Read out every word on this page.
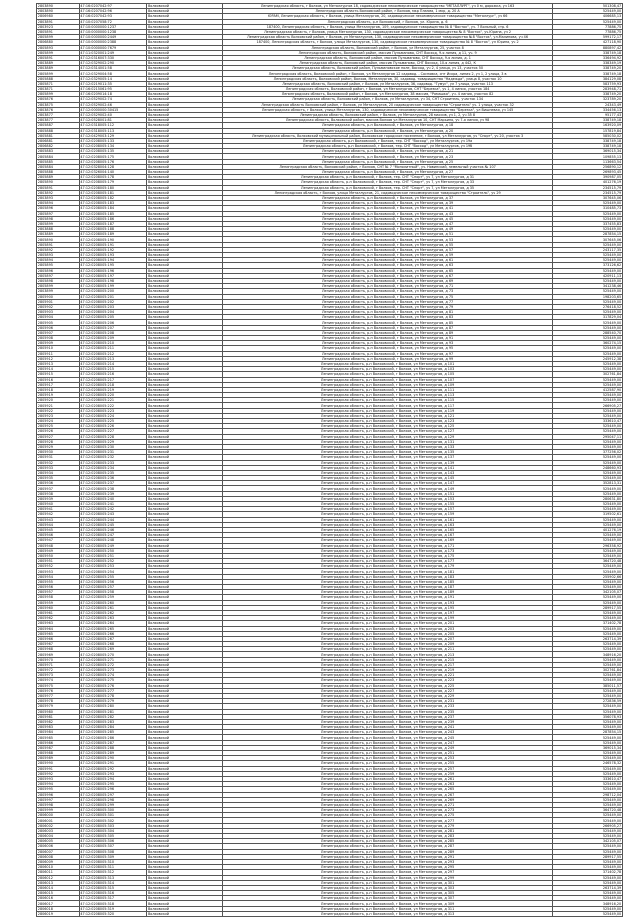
2803890	47:16:0207042:97	Волховский	Ленинградская область, г Волхов, ул Металлургов 18, садоводческое некоммерческое товарищество "МЕТАЛЛУРГ", уч 0 м, дорожка, уч 163	501308,47
2803890	47:16:0207042:96	Волховский	Ленинградская область Волховский район, г Волхов, мкр Плазма, 1 мкр, д. 20 А	525449,00
2806980	47:16:0207042:93	Волховский	ЮРАМ, Ленинградская область, г Волхов, улица Металлургов, 20, садоводческое некоммерческое товарищество "Металлург", уч 66	406685,13
2803891	47:10:0207058:72	Волховский	Ленинградская область, р-н Волховский, г Волхов, ул. Юрина, д. 6	525449,00
2803923	47:10:0000000:1237	Волховский	187400, Ленинградская область, г Волхов, улица Металлургов, 109, садоводческое товарищество № 8 "Восток", уч. 7 Вольный, стр. 6	77886,75
2805891	47:10:0000000:1238	Волховский	Ленинградская область, г Волхов, улица Металлургов, 130, садоводческое некоммерческое товарищество № 8 "Восток", уч.Юрина, уч 2	77886,75
2805899	47:10:0000000:2449	Волховский	Ленинградская область Волховский район, г Волхов, ул Металлургов, 130, садоводческое некоммерческое товарищество №8 "Восток", ул.Малинова, уч 46	599172,17
2806880	47:10:0000000:2388	Волховский	187400, Ленинградская область, г Волхов, улица Металлургов, 130, садоводческое некоммерческое товарищество № 8 "Восток", ул Юрина, уч 2	427118,90
2805893	47:10:0000000:7679	Волховский	Ленинградская область, Волховский район, г Волхов, ул Металлургов, 25, участок 8	880897,42
2805899	47:11:0320001:249	Волховский	Ленинградская область, Волховский район, массив Пульманово, СНТ Восход, 9-я линия, д 11, уч. 9	338749,18
2805891	47:12:0316007:330	Волховский	Ленинградская область, Волховский район, массив Пульманово, СНТ Восход, 9-я линия, д. 1	336494,92
2803889	47:12:0329002:290	Волховский	Ленинградская область, Волховский район, массив Пульманово, СНТ Восход, 10-я линия, д 442, К	338349,19
2803889	47:12:0314001:58	Волховский	Ленинградская область, Волховский район, Пульмановское поле, Восход, уч 2, 4 улица, уч 13, участок 50	338749,20
2805899	47:12:0329004:58	Волховский	Ленинградская область, Волховский район, г Волхов, ул Металлургов 12 садовод. - Сосновка, снт Искра, линия 2, уч 1, 2 улица, 3 в	338749,18
2805888	47:12:0329005:14	Волховский	Ленинградская область, Волховский район, Волхов, Металлургов, 30, садовод. товарищество "Надежда", улица 8, участок 10	384129,08
2805871	47:12:0219011:35	Волховский	Ленинградская область, Волховский район, г Волхов, ул Металлургов, 36, садовод. "Гумус", ул 7 улица, участок 113	583759,93
2803871	47:16:0215061:95	Волховский	Ленинградская область, Волховский район, г Волхов, ул Металлургов, СНТ "Березка", уч 1, 4 линия, участок 184	283948,71
2805899	47:16:0209014:18	Волховский	Ленинградская область, Волховский район, г Волхов, ул Металлургов, 38 массив, "Ромашка", уч. 4 линия, участок 82	338749,20
2805876	47:12:0529002:74	Волховский	Ленинградская область, Волховский район, г Волхов, ул Металлургов, уч 34, СНТ Строитель, участок 134	323789,20
2803875	47:12:0529002:46	Волховский	Ленинградская область Волховский район, г Волхов, ул Металлургов, 20 садоводческое товарищество "Строитель" уч. 1 улица, участок 32	24343,49
2803876	47:12:0000000:30415	Волховский	Ленинградская область, г Волхов, улица Металлургов, 130, садоводческое некоммерческое товарищество "Березка", ул Вишневая, уч 145	334456,13
2803877	47:12:0529002:40	Волховский	Ленинградская область, Волховский район, г Волхов, ул Металлургов, 28 массив, уч 1, 2, уч 35 8	95177,43
2803877	47:12:0528001:81	Волховский	Ленинградская область, Волховский район, массив Волхов ул Металлургов 10, СНТ Марьино, уч 7-я линия, уч 98	338749,18
2805887	47:12:0318005:112	Волховский	Ленинградская область, р-н Волховский, г Волхов, ул Металлургов, д 18	163920,09
2805888	47:12:0318005:113	Волховский	Ленинградская область, р-н Волховский, г Волхов, ул Металлургов, д 20	157819,84
2805881	47:12:0429003:129	Волховский	Ленинградская область, Волховский муниципальный район, Волховское городское поселение, г Волхов, ул Металлургов, уч "Спорт", уч 20, участок 3	585030,02
2806881	47:12:0208005:133	Волховский	Ленинградская область, р-н Волховский, г Волхов, тер. СНТ "Восход", ул Металлургов, уч 19а	338749,18
2806882	47:12:0208005:134	Волховский	Ленинградская область, р-н Волховский, г Волхов, тер. СНТ "Восход", ул Металлургов, уч 19б	338749,18
2805883	47:12:0208005:135	Волховский	Ленинградская область, р-н Волховский, г Волхов, ул Металлургов, д 21	369015,34
2805884	47:12:0208005:175	Волховский	Ленинградская область, р-н Волховский, г Волхов, ул Металлургов, д 23	109855,13
2805885	47:12:0208005:176	Волховский	Ленинградская область, р-н Волховский, г Волхов, ул Металлургов, д 25	113663,54
2805884	47:12:0328004:128	Волховский	Ленинградская область, Волховский район, г Волхов, СНТ № 7 "Монолитный", уч. Новинский, земельный участок № 107	256890,12
2805888	47:12:0326004:140	Волховский	Ленинградская область, р-н Волховский, г Волхов, ул Металлургов, д 27	269893,45
2805889	47:12:0208005:178	Волховский	Ленинградская область, р-н Волховский, г Волхов, тер. СНТ "Спорт", уч 7, ул Металлургов, д 31	390987,05
2805890	47:12:0208005:179	Волховский	Ленинградская область, р-н Волховский, г Волхов, тер. СНТ "Спорт", уч 7, ул Металлургов, д 33	401276,19
2805891	47:12:0208005:180	Волховский	Ленинградская область, р-н Волховский, г Волхов, тер. СНТ "Спорт", уч 7, ул Металлургов, д 35	234515,79
2803892	47:12:0208005:181	Волховский	Ленинградская область, г Волхов, улица Металлургов, 21, садоводческое некоммерческое товарищество "Строитель", уч 29	234515,79
2803893	47:12:0208005:182	Волховский	Ленинградская область, р-н Волховский, г Волхов, ул Металлургов, д 37	307645,06
2805894	47:12:0208005:183	Волховский	Ленинградская область, р-н Волховский, г Волхов, ул Металлургов, д 39	525449,00
2805896	47:12:0208005:184	Волховский	Ленинградская область, р-н Волховский, г Волхов, ул Металлургов, д 41	310485,73
2805897	47:12:0208005:185	Волховский	Ленинградская область, р-н Волховский, г Волхов, ул Металлургов, д 43	525449,00
2805898	47:12:0208005:186	Волховский	Ленинградская область, р-н Волховский, г Волхов, ул Металлургов, д 45	525449,00
2805899	47:12:0208005:187	Волховский	Ленинградская область, р-н Волховский, г Волхов, ул Металлургов, д 47	337455,83
2803888	47:12:0208005:188	Волховский	Ленинградская область, р-н Волховский, г Волхов, ул Металлургов, д 49	525449,00
2803889	47:12:0208005:189	Волховский	Ленинградская область, р-н Волховский, г Волхов, ул Металлургов, д 51	287854,15
2805890	47:12:0208005:190	Волховский	Ленинградская область, р-н Волховский, г Волхов, ул Металлургов, д 53	307645,06
2805891	47:12:0208005:191	Волховский	Ленинградская область, р-н Волховский, г Волхов, ул Металлургов, д 55	525449,00
2805892	47:12:0208005:192	Волховский	Ленинградская область, р-н Волховский, г Волхов, ул Металлургов, д 57	243117,35
2805893	47:12:0208005:193	Волховский	Ленинградская область, р-н Волховский, г Волхов, ул Металлургов, д 59	525449,00
2805894	47:12:0208005:194	Волховский	Ленинградская область, р-н Волховский, г Волхов, ул Металлургов, д 61	525449,00
2805895	47:12:0208005:195	Волховский	Ленинградская область, р-н Волховский, г Волхов, ул Металлургов, д 63	373126,62
2805896	47:12:0208005:196	Волховский	Ленинградская область, р-н Волховский, г Волхов, ул Металлургов, д 65	525449,00
2805897	47:12:0208005:197	Волховский	Ленинградская область, р-н Волховский, г Волхов, ул Металлургов, д 67	420911,13
2805898	47:12:0208005:198	Волховский	Ленинградская область, р-н Волховский, г Волхов, ул Металлургов, д 69	525449,00
2805899	47:12:0208005:199	Волховский	Ленинградская область, р-н Волховский, г Волхов, ул Металлургов, д 71	341238,46
2803899	47:12:0208005:200	Волховский	Ленинградская область, р-н Волховский, г Волхов, ул Металлургов, д 73	525449,00
2805900	47:12:0208005:201	Волховский	Ленинградская область, р-н Волховский, г Волхов, ул Металлургов, д 75	198203,65
2805901	47:12:0208005:202	Волховский	Ленинградская область, р-н Волховский, г Волхов, ул Металлургов, д 77	525449,00
2805902	47:12:0208005:203	Волховский	Ленинградская область, р-н Волховский, г Волхов, ул Металлургов, д 79	276418,52
2805903	47:12:0208005:204	Волховский	Ленинградская область, р-н Волховский, г Волхов, ул Металлургов, д 81	525449,00
2805904	47:12:0208005:205	Волховский	Ленинградская область, р-н Волховский, г Волхов, ул Металлургов, д 83	317829,04
2805905	47:12:0208005:206	Волховский	Ленинградская область, р-н Волховский, г Волхов, ул Металлургов, д 85	525449,00
2805906	47:12:0208005:207	Волховский	Ленинградская область, р-н Волховский, г Волхов, ул Металлургов, д 87	525449,00
2805907	47:12:0208005:208	Волховский	Ленинградская область, р-н Волховский, г Волхов, ул Металлургов, д 89	288540,70
2805908	47:12:0208005:209	Волховский	Ленинградская область, р-н Волховский, г Волхов, ул Металлургов, д 91	525449,00
2805909	47:12:0208005:210	Волховский	Ленинградская область, р-н Волховский, г Волхов, ул Металлургов, д 93	360274,15
2805910	47:12:0208005:211	Волховский	Ленинградская область, р-н Волховский, г Волхов, ул Металлургов, д 95	525449,00
2805911	47:12:0208005:212	Волховский	Ленинградская область, р-н Волховский, г Волхов, ул Металлургов, д 97	525449,00
2805912	47:12:0208005:213	Волховский	Ленинградская область, р-н Волховский, г Волхов, ул Металлургов, д 99	245912,38
2805913	47:12:0208005:214	Волховский	Ленинградская область, р-н Волховский, г Волхов, ул Металлургов, д 101	525449,00
2805914	47:12:0208005:215	Волховский	Ленинградская область, р-н Волховский, г Волхов, ул Металлургов, д 103	525449,00
2805915	47:12:0208005:216	Волховский	Ленинградская область, р-н Волховский, г Волхов, ул Металлургов, д 105	302761,84
2805916	47:12:0208005:217	Волховский	Ленинградская область, р-н Волховский, г Волхов, ул Металлургов, д 107	525449,00
2805917	47:12:0208005:218	Волховский	Ленинградская область, р-н Волховский, г Волхов, ул Металлургов, д 109	525449,00
2805918	47:12:0208005:219	Волховский	Ленинградская область, р-н Волховский, г Волхов, ул Металлургов, д 111	412587,90
2805919	47:12:0208005:220	Волховский	Ленинградская область, р-н Волховский, г Волхов, ул Металлургов, д 113	525449,00
2805920	47:12:0208005:221	Волховский	Ленинградская область, р-н Волховский, г Волхов, ул Металлургов, д 115	525449,00
2805921	47:12:0208005:222	Волховский	Ленинградская область, р-н Волховский, г Волхов, ул Металлургов, д 117	266905,27
2805922	47:12:0208005:223	Волховский	Ленинградская область, р-н Волховский, г Волхов, ул Металлургов, д 119	525449,00
2805923	47:12:0208005:224	Волховский	Ленинградская область, р-н Волховский, г Волхов, ул Металлургов, д 121	525449,00
2805924	47:12:0208005:225	Волховский	Ленинградская область, р-н Волховский, г Волхов, ул Металлургов, д 123	333610,47
2805925	47:12:0208005:226	Волховский	Ленинградская область, р-н Волховский, г Волхов, ул Металлургов, д 125	525449,00
2805926	47:12:0208005:227	Волховский	Ленинградская область, р-н Волховский, г Волхов, ул Металлургов, д 127	525449,00
2805927	47:12:0208005:228	Волховский	Ленинградская область, р-н Волховский, г Волхов, ул Металлургов, д 129	295047,11
2805928	47:12:0208005:229	Волховский	Ленинградская область, р-н Волховский, г Волхов, ул Металлургов, д 131	525449,00
2805929	47:12:0208005:230	Волховский	Ленинградская область, р-н Волховский, г Волхов, ул Металлургов, д 133	525449,00
2805930	47:12:0208005:231	Волховский	Ленинградская область, р-н Волховский, г Волхов, ул Металлургов, д 135	377256,02
2805931	47:12:0208005:232	Волховский	Ленинградская область, р-н Волховский, г Волхов, ул Металлургов, д 137	525449,00
2805932	47:12:0208005:233	Волховский	Ленинградская область, р-н Волховский, г Волхов, ул Металлургов, д 139	525449,00
2805933	47:12:0208005:234	Волховский	Ленинградская область, р-н Волховский, г Волхов, ул Металлургов, д 141	248660,93
2805934	47:12:0208005:235	Волховский	Ленинградская область, р-н Волховский, г Волхов, ул Металлургов, д 143	525449,00
2805935	47:12:0208005:236	Волховский	Ленинградская область, р-н Волховский, г Волхов, ул Металлургов, д 145	525449,00
2805936	47:12:0208005:237	Волховский	Ленинградская область, р-н Волховский, г Волхов, ул Металлургов, д 147	352813,31
2805937	47:12:0208005:238	Волховский	Ленинградская область, р-н Волховский, г Волхов, ул Металлургов, д 149	525449,00
2805938	47:12:0208005:239	Волховский	Ленинградская область, р-н Волховский, г Волхов, ул Металлургов, д 151	525449,00
2805939	47:12:0208005:240	Волховский	Ленинградская область, р-н Волховский, г Волхов, ул Металлургов, д 153	280631,80
2805940	47:12:0208005:241	Волховский	Ленинградская область, р-н Волховский, г Волхов, ул Металлургов, д 155	525449,00
2805941	47:12:0208005:242	Волховский	Ленинградская область, р-н Волховский, г Волхов, ул Металлургов, д 157	525449,00
2805942	47:12:0208005:243	Волховский	Ленинградская область, р-н Волховский, г Волхов, ул Металлургов, д 159	319502,61
2805943	47:12:0208005:244	Волховский	Ленинградская область, р-н Волховский, г Волхов, ул Металлургов, д 161	525449,00
2805944	47:12:0208005:245	Волховский	Ленинградская область, р-н Волховский, г Волхов, ул Металлургов, д 163	525449,00
2805945	47:12:0208005:246	Волховский	Ленинградская область, р-н Волховский, г Волхов, ул Металлургов, д 165	401276,19
2805946	47:12:0208005:247	Волховский	Ленинградская область, р-н Волховский, г Волхов, ул Металлургов, д 167	525449,00
2805947	47:12:0208005:248	Волховский	Ленинградская область, р-н Волховский, г Волхов, ул Металлургов, д 169	525449,00
2805948	47:12:0208005:249	Волховский	Ленинградская область, р-н Волховский, г Волхов, ул Металлургов, д 171	296358,92
2805949	47:12:0208005:250	Волховский	Ленинградская область, р-н Волховский, г Волхов, ул Металлургов, д 173	525449,00
2805950	47:12:0208005:251	Волховский	Ленинградская область, р-н Волховский, г Волхов, ул Металлургов, д 175	525449,00
2805951	47:12:0208005:252	Волховский	Ленинградская область, р-н Волховский, г Волхов, ул Металлургов, д 177	364720,48
2805952	47:12:0208005:253	Волховский	Ленинградская область, р-н Волховский, г Волхов, ул Металлургов, д 179	525449,00
2805953	47:12:0208005:254	Волховский	Ленинградская область, р-н Волховский, г Волхов, ул Металлургов, д 181	525449,00
2805954	47:12:0208005:255	Волховский	Ленинградская область, р-н Волховский, г Волхов, ул Металлургов, д 183	255902,66
2805955	47:12:0208005:256	Волховский	Ленинградская область, р-н Волховский, г Волхов, ул Металлургов, д 185	525449,00
2805956	47:12:0208005:257	Волховский	Ленинградская область, р-н Волховский, г Волхов, ул Металлургов, д 187	525449,00
2805957	47:12:0208005:258	Волховский	Ленинградская область, р-н Волховский, г Волхов, ул Металлургов, д 189	342105,07
2805958	47:12:0208005:259	Волховский	Ленинградская область, р-н Волховский, г Волхов, ул Металлургов, д 191	525449,00
2805959	47:12:0208005:260	Волховский	Ленинградская область, р-н Волховский, г Волхов, ул Металлургов, д 193	525449,00
2805960	47:12:0208005:261	Волховский	Ленинградская область, р-н Волховский, г Волхов, ул Металлургов, д 195	289917,55
2805961	47:12:0208005:262	Волховский	Ленинградская область, р-н Волховский, г Волхов, ул Металлургов, д 197	525449,00
2805962	47:12:0208005:263	Волховский	Ленинградская область, р-н Волховский, г Волхов, ул Металлургов, д 199	525449,00
2805963	47:12:0208005:264	Волховский	Ленинградская область, р-н Волховский, г Волхов, ул Металлургов, д 201	371402,78
2805964	47:12:0208005:265	Волховский	Ленинградская область, р-н Волховский, г Волхов, ул Металлургов, д 203	525449,00
2805965	47:12:0208005:266	Волховский	Ленинградская область, р-н Волховский, г Волхов, ул Металлургов, д 205	525449,00
2805966	47:12:0208005:267	Волховский	Ленинградская область, р-н Волховский, г Волхов, ул Металлургов, д 207	263714,39
2805967	47:12:0208005:268	Волховский	Ленинградская область, р-н Волховский, г Волхов, ул Металлургов, д 209	525449,00
2805968	47:12:0208005:269	Волховский	Ленинградская область, р-н Волховский, г Волхов, ул Металлургов, д 211	525449,00
2805969	47:12:0208005:270	Волховский	Ленинградская область, р-н Волховский, г Волхов, ул Металлургов, д 213	348916,20
2805970	47:12:0208005:271	Волховский	Ленинградская область, р-н Волховский, г Волхов, ул Металлургов, д 215	525449,00
2805971	47:12:0208005:272	Волховский	Ленинградская область, р-н Волховский, г Волхов, ул Металлургов, д 217	525449,00
2805972	47:12:0208005:273	Волховский	Ленинградская область, р-н Волховский, г Волхов, ул Металлургов, д 219	302761,84
2805973	47:12:0208005:274	Волховский	Ленинградская область, р-н Волховский, г Волхов, ул Металлургов, д 221	525449,00
2805974	47:12:0208005:275	Волховский	Ленинградская область, р-н Волховский, г Волхов, ул Металлургов, д 223	525449,00
2805975	47:12:0208005:276	Волховский	Ленинградская область, р-н Волховский, г Волхов, ул Металлургов, д 225	385011,57
2805976	47:12:0208005:277	Волховский	Ленинградская область, р-н Волховский, г Волхов, ул Металлургов, д 227	525449,00
2805977	47:12:0208005:278	Волховский	Ленинградская область, р-н Волховский, г Волхов, ул Металлургов, д 229	525449,00
2805978	47:12:0208005:279	Волховский	Ленинградская область, р-н Волховский, г Волхов, ул Металлургов, д 231	272836,59
2805979	47:12:0208005:280	Волховский	Ленинградская область, р-н Волховский, г Волхов, ул Металлургов, д 233	525449,00
2805980	47:12:0208005:281	Волховский	Ленинградская область, р-н Волховский, г Волхов, ул Металлургов, д 235	525449,00
2805981	47:12:0208005:282	Волховский	Ленинградская область, р-н Волховский, г Волхов, ул Металлургов, д 237	356078,93
2805982	47:12:0208005:283	Волховский	Ленинградская область, р-н Волховский, г Волхов, ул Металлургов, д 239	525449,00
2805983	47:12:0208005:284	Волховский	Ленинградская область, р-н Волховский, г Волхов, ул Металлургов, д 241	525449,00
2805984	47:12:0208005:285	Волховский	Ленинградская область, р-н Волховский, г Волхов, ул Металлургов, д 243	287854,15
2805985	47:12:0208005:286	Волховский	Ленинградская область, р-н Волховский, г Волхов, ул Металлургов, д 245	525449,00
2805986	47:12:0208005:287	Волховский	Ленинградская область, р-н Волховский, г Волхов, ул Металлургов, д 247	525449,00
2805987	47:12:0208005:288	Волховский	Ленинградская область, р-н Волховский, г Волхов, ул Металлургов, д 249	369015,34
2805988	47:12:0208005:289	Волховский	Ленинградская область, р-н Волховский, г Волхов, ул Металлургов, д 251	525449,00
2805989	47:12:0208005:290	Волховский	Ленинградская область, р-н Волховский, г Волхов, ул Металлургов, д 253	525449,00
2805990	47:12:0208005:291	Волховский	Ленинградская область, р-н Волховский, г Волхов, ул Металлургов, д 255	246578,32
2805991	47:12:0208005:292	Волховский	Ленинградская область, р-н Волховский, г Волхов, ул Металлургов, д 257	525449,00
2805992	47:12:0208005:293	Волховский	Ленинградская область, р-н Волховский, г Волхов, ул Металлургов, д 259	525449,00
2805993	47:12:0208005:294	Волховский	Ленинградская область, р-н Волховский, г Волхов, ул Металлургов, д 261	333610,47
2805994	47:12:0208005:295	Волховский	Ленинградская область, р-н Волховский, г Волхов, ул Металлургов, д 263	525449,00
2805995	47:12:0208005:296	Волховский	Ленинградская область, р-н Волховский, г Волхов, ул Металлургов, д 265	525449,00
2805996	47:12:0208005:297	Волховский	Ленинградская область, р-н Волховский, г Волхов, ул Металлургов, д 267	298712,04
2805997	47:12:0208005:298	Волховский	Ленинградская область, р-н Волховский, г Волхов, ул Металлургов, д 269	525449,00
2805998	47:12:0208005:299	Волховский	Ленинградская область, р-н Волховский, г Волхов, ул Металлургов, д 271	525449,00
2805999	47:12:0208005:300	Волховский	Ленинградская область, р-н Волховский, г Волхов, ул Металлургов, д 273	364720,48
2806000	47:12:0208005:301	Волховский	Ленинградская область, р-н Волховский, г Волхов, ул Металлургов, д 275	525449,00
2806001	47:12:0208005:302	Волховский	Ленинградская область, р-н Волховский, г Волхов, ул Металлургов, д 277	525449,00
2806002	47:12:0208005:303	Волховский	Ленинградская область, р-н Волховский, г Волхов, ул Металлургов, д 279	266905,27
2806003	47:12:0208005:304	Волховский	Ленинградская область, р-н Волховский, г Волхов, ул Металлургов, д 281	525449,00
2806004	47:12:0208005:305	Волховский	Ленинградская область, р-н Волховский, г Волхов, ул Металлургов, д 283	525449,00
2806005	47:12:0208005:306	Волховский	Ленинградская область, р-н Волховский, г Волхов, ул Металлургов, д 285	342105,07
2806006	47:12:0208005:307	Волховский	Ленинградская область, р-н Волховский, г Волхов, ул Металлургов, д 287	525449,00
2806007	47:12:0208005:308	Волховский	Ленинградская область, р-н Волховский, г Волхов, ул Металлургов, д 289	525449,00
2806008	47:12:0208005:309	Волховский	Ленинградская область, р-н Волховский, г Волхов, ул Металлургов, д 291	289917,55
2806009	47:12:0208005:310	Волховский	Ленинградская область, р-н Волховский, г Волхов, ул Металлургов, д 293	525449,00
2806010	47:12:0208005:311	Волховский	Ленинградская область, р-н Волховский, г Волхов, ул Металлургов, д 295	525449,00
2806011	47:12:0208005:312	Волховский	Ленинградская область, р-н Волховский, г Волхов, ул Металлургов, д 297	371402,78
2806012	47:12:0208005:313	Волховский	Ленинградская область, р-н Волховский, г Волхов, ул Металлургов, д 299	525449,00
2806013	47:12:0208005:314	Волховский	Ленинградская область, р-н Волховский, г Волхов, ул Металлургов, д 301	525449,00
2806014	47:12:0208005:315	Волховский	Ленинградская область, р-н Волховский, г Волхов, ул Металлургов, д 303	263714,39
2806015	47:12:0208005:316	Волховский	Ленинградская область, р-н Волховский, г Волхов, ул Металлургов, д 305	525449,00
2806016	47:12:0208005:317	Волховский	Ленинградская область, р-н Волховский, г Волхов, ул Металлургов, д 307	525449,00
2806017	47:12:0208005:318	Волховский	Ленинградская область, р-н Волховский, г Волхов, ул Металлургов, д 309	348916,20
2806018	47:12:0208005:319	Волховский	Ленинградская область, р-н Волховский, г Волхов, ул Металлургов, д 311	525449,00
2806019	47:12:0208005:320	Волховский	Ленинградская область, р-н Волховский, г Волхов, ул Металлургов, д 313	525449,00
